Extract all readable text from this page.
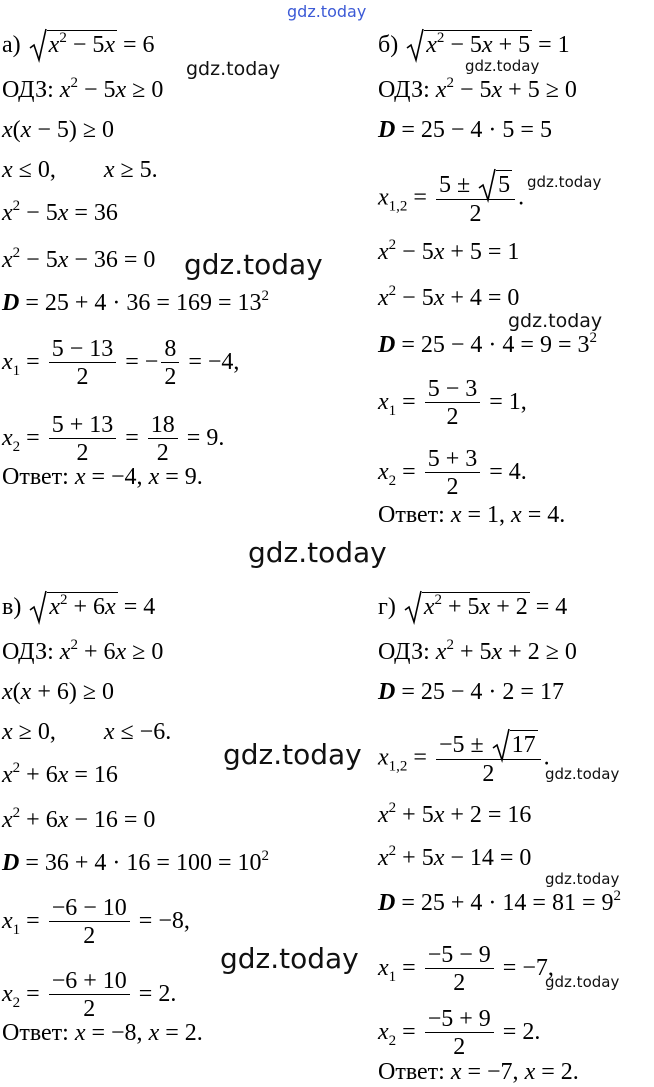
gdz.today
а) $x^2 - 5x = 6$
gdz.today
ОДЗ: $x^2 - 5x \ge 0$
x(x − 5) ≥ 0
x ≤ 0,        x ≥ 5.
$x^2 - 5x = 36$
$x^2 - 5x - 36 = 0$ gdz.today
$D = 25 + 4 \cdot 36 = 169 = 13^2$
$x_1 = \frac{5 - 13}{2}$ = − $\frac{8}{2} = -4$,
$x_2 = \frac{5 + 13}{2} = \frac{18}{2} = 9$.
Ответ: x = −4, x = 9.
б) $x^2 - 5x + 5 = 1$
gdz.today
ОДЗ: $x^2 - 5x + 5 \ge 0$
D = 25 − 4 · 5 = 5
$x_{1,2} = 5$ ±
5
2 .
gdz.today
$x^2 - 5x + 5 = 1$
$x^2 - 5x + 4 = 0$
gdz.today
$D = 25 - 4 \cdot 4 = 9 = 3^2$
$x_1 = \frac{5 - 3}{2} = 1$,
$x_2 = \frac{5 + 3}{2} = 4$.
Ответ: x = 1, x = 4.
gdz.today
в) $x^2 + 6x = 4$
ОДЗ: $x^2 + 6x \ge 0$
x(x + 6) ≥ 0
x ≥ 0,        x ≤ −6.
$x^2 + 6x = 16$
$x^2 + 6x - 16 = 0$
$D = 36 + 4 \cdot 16 = 100 = 10^2$
$x_1 = \frac{-6 - 10}{2} = -8$,
$x_2 = \frac{-6 + 10}{2} = 2$.
Ответ: x = −8, x = 2.
gdz.today
gdz.today
г) $x^2 + 5x + 2 = 4$
ОДЗ: $x^2 + 5x + 2 \ge 0$
D = 25 − 4 · 2 = 17
$x_{1,2} = -5$ ±
17
2 .
gdz.today
$x^2 + 5x + 2 = 16$
$x^2 + 5x - 14 = 0$
gdz.today
$D = 25 + 4 \cdot 14 = 81 = 9^2$
$x_1 = \frac{-5 - 9}{2} = -7$,
gdz.today
$x_2 = \frac{-5 + 9}{2} = 2$.
Ответ: x = −7, x = 2.
